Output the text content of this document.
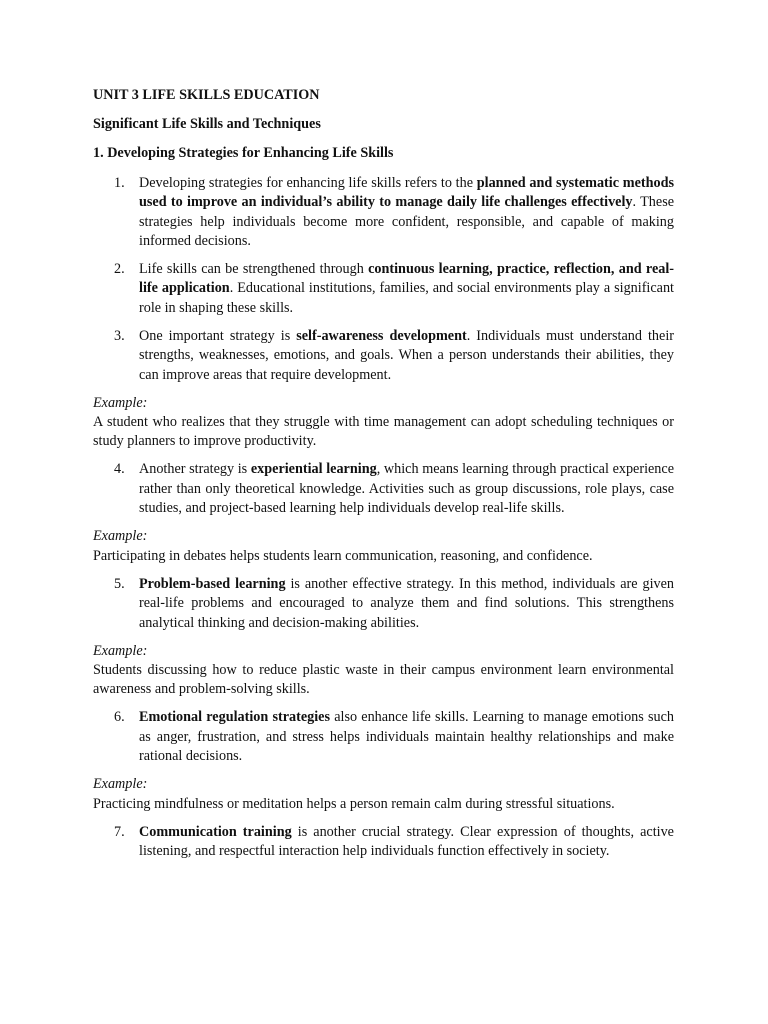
UNIT 3 LIFE SKILLS EDUCATION
Significant Life Skills and Techniques
1. Developing Strategies for Enhancing Life Skills
1. Developing strategies for enhancing life skills refers to the planned and systematic methods used to improve an individual’s ability to manage daily life challenges effectively. These strategies help individuals become more confident, responsible, and capable of making informed decisions.
2. Life skills can be strengthened through continuous learning, practice, reflection, and real-life application. Educational institutions, families, and social environments play a significant role in shaping these skills.
3. One important strategy is self-awareness development. Individuals must understand their strengths, weaknesses, emotions, and goals. When a person understands their abilities, they can improve areas that require development.
Example:
A student who realizes that they struggle with time management can adopt scheduling techniques or study planners to improve productivity.
4. Another strategy is experiential learning, which means learning through practical experience rather than only theoretical knowledge. Activities such as group discussions, role plays, case studies, and project-based learning help individuals develop real-life skills.
Example:
Participating in debates helps students learn communication, reasoning, and confidence.
5. Problem-based learning is another effective strategy. In this method, individuals are given real-life problems and encouraged to analyze them and find solutions. This strengthens analytical thinking and decision-making abilities.
Example:
Students discussing how to reduce plastic waste in their campus environment learn environmental awareness and problem-solving skills.
6. Emotional regulation strategies also enhance life skills. Learning to manage emotions such as anger, frustration, and stress helps individuals maintain healthy relationships and make rational decisions.
Example:
Practicing mindfulness or meditation helps a person remain calm during stressful situations.
7. Communication training is another crucial strategy. Clear expression of thoughts, active listening, and respectful interaction help individuals function effectively in society.
